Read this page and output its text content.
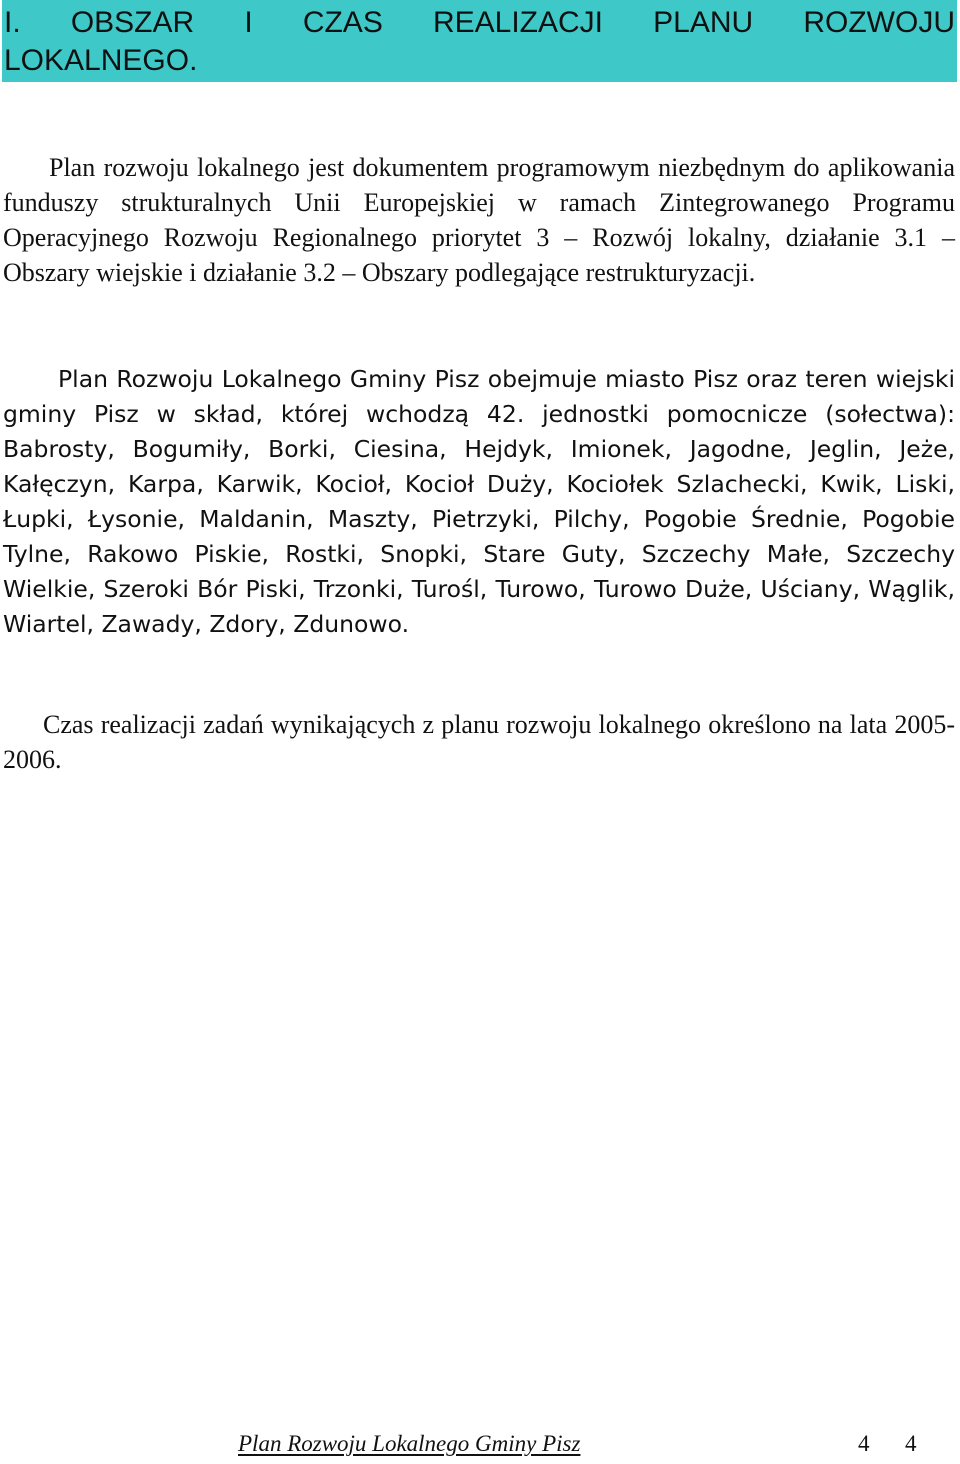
I. OBSZAR I CZAS REALIZACJI PLANU ROZWOJU LOKALNEGO.

Plan rozwoju lokalnego jest dokumentem programowym niezbędnym do aplikowania funduszy strukturalnych Unii Europejskiej w ramach Zintegrowanego Programu Operacyjnego Rozwoju Regionalnego priorytet 3 – Rozwój lokalny, działanie 3.1 – Obszary wiejskie i działanie 3.2 – Obszary podlegające restrukturyzacji.

Plan Rozwoju Lokalnego Gminy Pisz obejmuje miasto Pisz oraz teren wiejski gminy Pisz w skład, której wchodzą 42. jednostki pomocnicze (sołectwa): Babrosty, Bogumiły, Borki, Ciesina, Hejdyk, Imionek, Jagodne, Jeglin, Jeże, Kałęczyn, Karpa, Karwik, Kocioł, Kocioł Duży, Kociołek Szlachecki, Kwik, Liski, Łupki, Łysonie, Maldanin, Maszty, Pietrzyki, Pilchy, Pogobie Średnie, Pogobie Tylne, Rakowo Piskie, Rostki, Snopki, Stare Guty, Szczechy Małe, Szczechy Wielkie, Szeroki Bór Piski, Trzonki, Turośl, Turowo, Turowo Duże, Uściany, Wąglik, Wiartel, Zawady, Zdory, Zdunowo.

Czas realizacji zadań wynikających z planu rozwoju lokalnego określono na lata 2005-2006.

Plan Rozwoju Lokalnego Gminy Pisz	4 4
